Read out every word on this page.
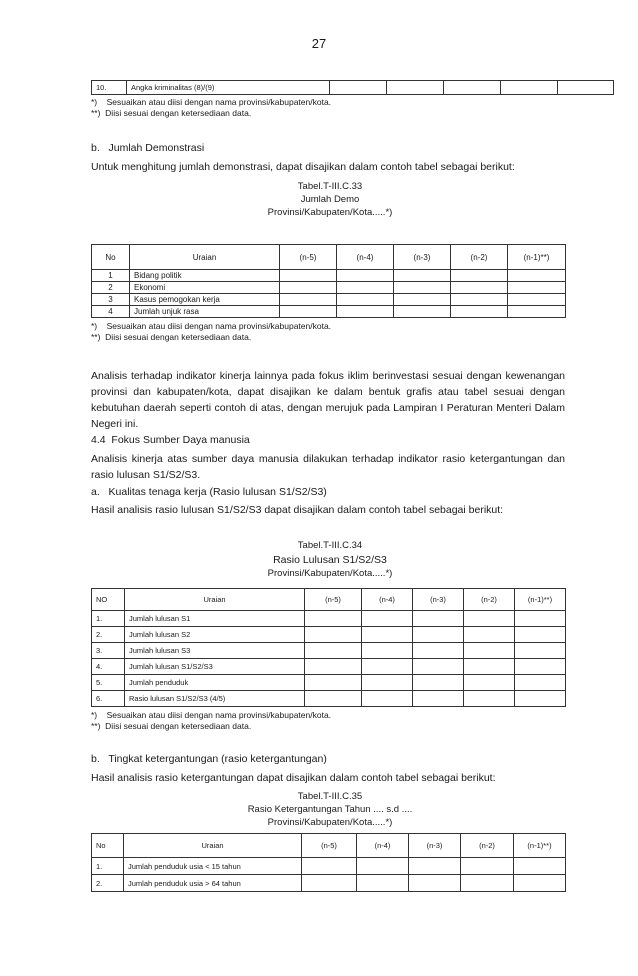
27
10.	Angka kriminalitas (8)/(9)					
*)    Sesuaikan atau diisi dengan nama provinsi/kabupaten/kota.
**)  Diisi sesuai dengan ketersediaan data.
b.   Jumlah Demonstrasi
Untuk menghitung jumlah demonstrasi, dapat disajikan dalam contoh tabel sebagai berikut:
Tabel.T-III.C.33
Jumlah Demo
Provinsi/Kabupaten/Kota.....*)
No	Uraian	(n-5)	(n-4)	(n-3)	(n-2)	(n-1)**)
1	Bidang politik					
2	Ekonomi					
3	Kasus pemogokan kerja					
4	Jumlah unjuk rasa					
*)    Sesuaikan atau diisi dengan nama provinsi/kabupaten/kota.
**)  Diisi sesuai dengan ketersediaan data.
Analisis terhadap indikator kinerja lainnya pada fokus iklim berinvestasi sesuai dengan kewenangan provinsi dan kabupaten/kota, dapat disajikan ke dalam bentuk grafis atau tabel sesuai dengan kebutuhan daerah seperti contoh di atas, dengan merujuk pada Lampiran I Peraturan Menteri Dalam Negeri ini.
4.4  Fokus Sumber Daya manusia
Analisis kinerja atas sumber daya manusia dilakukan terhadap indikator rasio ketergantungan dan rasio lulusan S1/S2/S3.
a.   Kualitas tenaga kerja (Rasio lulusan S1/S2/S3)
Hasil analisis rasio lulusan S1/S2/S3 dapat disajikan dalam contoh tabel sebagai berikut:
Tabel.T-III.C.34
Rasio Lulusan S1/S2/S3
Provinsi/Kabupaten/Kota.....*)
NO	Uraian	(n-5)	(n-4)	(n-3)	(n-2)	(n-1)**)
1.	Jumlah lulusan S1					
2.	Jumlah lulusan S2					
3.	Jumlah lulusan S3					
4.	Jumlah lulusan S1/S2/S3					
5.	Jumlah penduduk					
6.	Rasio lulusan S1/S2/S3 (4/5)					
*)    Sesuaikan atau diisi dengan nama provinsi/kabupaten/kota.
**)  Diisi sesuai dengan ketersediaan data.
b.   Tingkat ketergantungan (rasio ketergantungan)
Hasil analisis rasio ketergantungan dapat disajikan dalam contoh tabel sebagai berikut:
Tabel.T-III.C.35
Rasio Ketergantungan Tahun .... s.d ....
Provinsi/Kabupaten/Kota.....*)
No	Uraian	(n-5)	(n-4)	(n-3)	(n-2)	(n-1)**)
1.	Jumlah penduduk usia < 15 tahun					
2.	Jumlah penduduk usia > 64 tahun					
